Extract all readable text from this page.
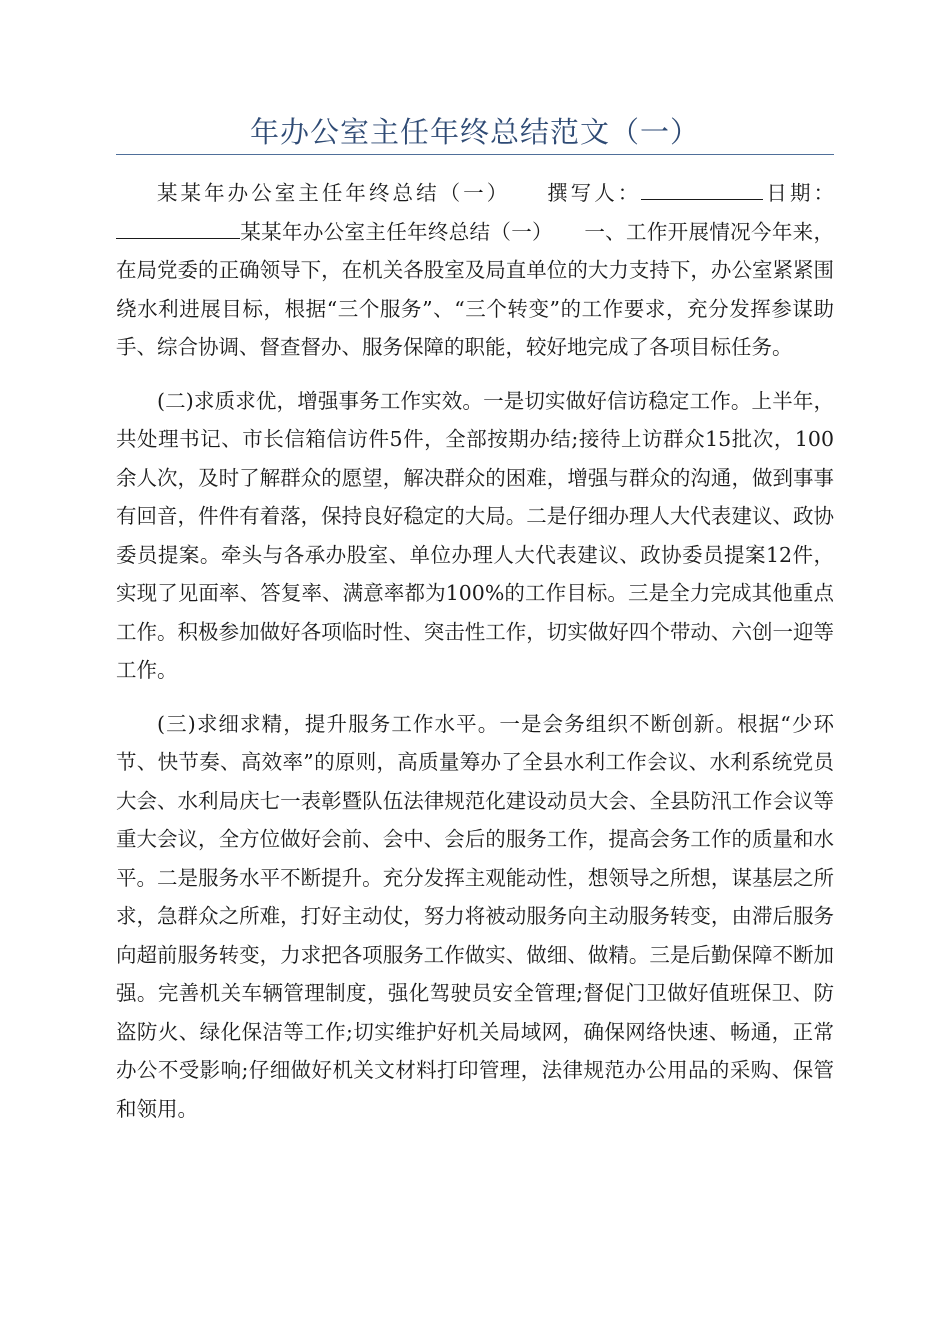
年办公室主任年终总结范文（一）

某某年办公室主任年终总结（一）　　撰写人：	日期：某某年办公室主任年终总结（一）　　一、工作开展情况今年来，在局党委的正确领导下，在机关各股室及局直单位的大力支持下，办公室紧紧围绕水利进展目标，根据“三个服务”、“三个转变”的工作要求，充分发挥参谋助手、综合协调、督查督办、服务保障的职能，较好地完成了各项目标任务。

(二)求质求优，增强事务工作实效。一是切实做好信访稳定工作。上半年，共处理书记、市长信箱信访件5件，全部按期办结;接待上访群众15批次，100余人次，及时了解群众的愿望，解决群众的困难，增强与群众的沟通，做到事事有回音，件件有着落，保持良好稳定的大局。二是仔细办理人大代表建议、政协委员提案。牵头与各承办股室、单位办理人大代表建议、政协委员提案12件，实现了见面率、答复率、满意率都为100%的工作目标。三是全力完成其他重点工作。积极参加做好各项临时性、突击性工作，切实做好四个带动、六创一迎等工作。

(三)求细求精，提升服务工作水平。一是会务组织不断创新。根据“少环节、快节奏、高效率”的原则，高质量筹办了全县水利工作会议、水利系统党员大会、水利局庆七一表彰暨队伍法律规范化建设动员大会、全县防汛工作会议等重大会议，全方位做好会前、会中、会后的服务工作，提高会务工作的质量和水平。二是服务水平不断提升。充分发挥主观能动性，想领导之所想，谋基层之所求，急群众之所难，打好主动仗，努力将被动服务向主动服务转变，由滞后服务向超前服务转变，力求把各项服务工作做实、做细、做精。三是后勤保障不断加强。完善机关车辆管理制度，强化驾驶员安全管理;督促门卫做好值班保卫、防盗防火、绿化保洁等工作;切实维护好机关局域网，确保网络快速、畅通，正常办公不受影响;仔细做好机关文材料打印管理，法律规范办公用品的采购、保管和领用。
